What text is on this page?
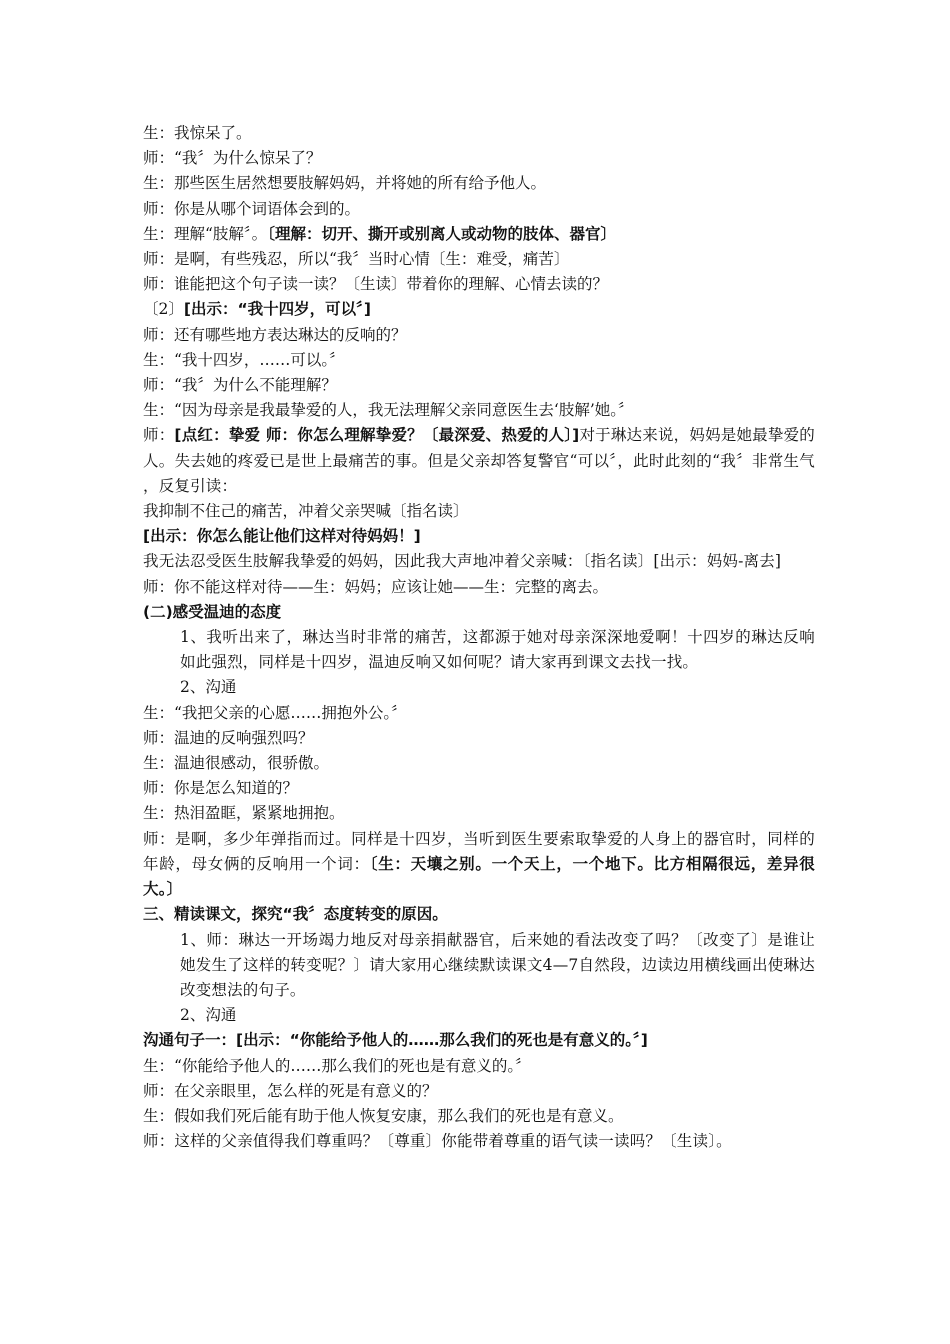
生：我惊呆了。
师：“我〞为什么惊呆了？
生：那些医生居然想要肢解妈妈，并将她的所有给予他人。
师：你是从哪个词语体会到的。
生：理解“肢解〞。〔理解：切开、撕开或别离人或动物的肢体、器官〕
师：是啊，有些残忍，所以“我〞当时心情〔生：难受，痛苦〕
师：谁能把这个句子读一读？〔生读〕带着你的理解、心情去读的？
〔2〕[出示：“我十四岁，可以〞]
师：还有哪些地方表达琳达的反响的？
生：“我十四岁，……可以。〞
师：“我〞为什么不能理解？
生：“因为母亲是我最挚爱的人，我无法理解父亲同意医生去‘肢解’她。〞
师：[点红：挚爱 师：你怎么理解挚爱？〔最深爱、热爱的人〕]对于琳达来说，妈妈是她最挚爱的人。失去她的疼爱已是世上最痛苦的事。但是父亲却答复警官“可以〞，此时此刻的“我〞非常生气 ，反复引读：
我抑制不住己的痛苦，冲着父亲哭喊〔指名读〕
[出示：你怎么能让他们这样对待妈妈！]
我无法忍受医生肢解我挚爱的妈妈，因此我大声地冲着父亲喊：〔指名读〕[出示：妈妈-离去]
师：你不能这样对待——生：妈妈；应该让她——生：完整的离去。
(二)感受温迪的态度
1、我听出来了，琳达当时非常的痛苦，这都源于她对母亲深深地爱啊！十四岁的琳达反响如此强烈，同样是十四岁，温迪反响又如何呢？请大家再到课文去找一找。
2、沟通
生：“我把父亲的心愿……拥抱外公。〞
师：温迪的反响强烈吗？
生：温迪很感动，很骄傲。
师：你是怎么知道的？
生：热泪盈眶，紧紧地拥抱。
师：是啊，多少年弹指而过。同样是十四岁，当听到医生要索取挚爱的人身上的器官时，同样的年龄，母女俩的反响用一个词：〔生：天壤之别。一个天上，一个地下。比方相隔很远，差异很大。〕
三、精读课文，探究“我〞态度转变的原因。
1、师：琳达一开场竭力地反对母亲捐献器官，后来她的看法改变了吗？〔改变了〕是谁让她发生了这样的转变呢？〕请大家用心继续默读课文4—7自然段，边读边用横线画出使琳达改变想法的句子。
2、沟通
沟通句子一：[出示：“你能给予他人的……那么我们的死也是有意义的。〞]
生：“你能给予他人的……那么我们的死也是有意义的。〞
师：在父亲眼里，怎么样的死是有意义的？
生：假如我们死后能有助于他人恢复安康，那么我们的死也是有意义。
师：这样的父亲值得我们尊重吗？〔尊重〕你能带着尊重的语气读一读吗？〔生读〕。
